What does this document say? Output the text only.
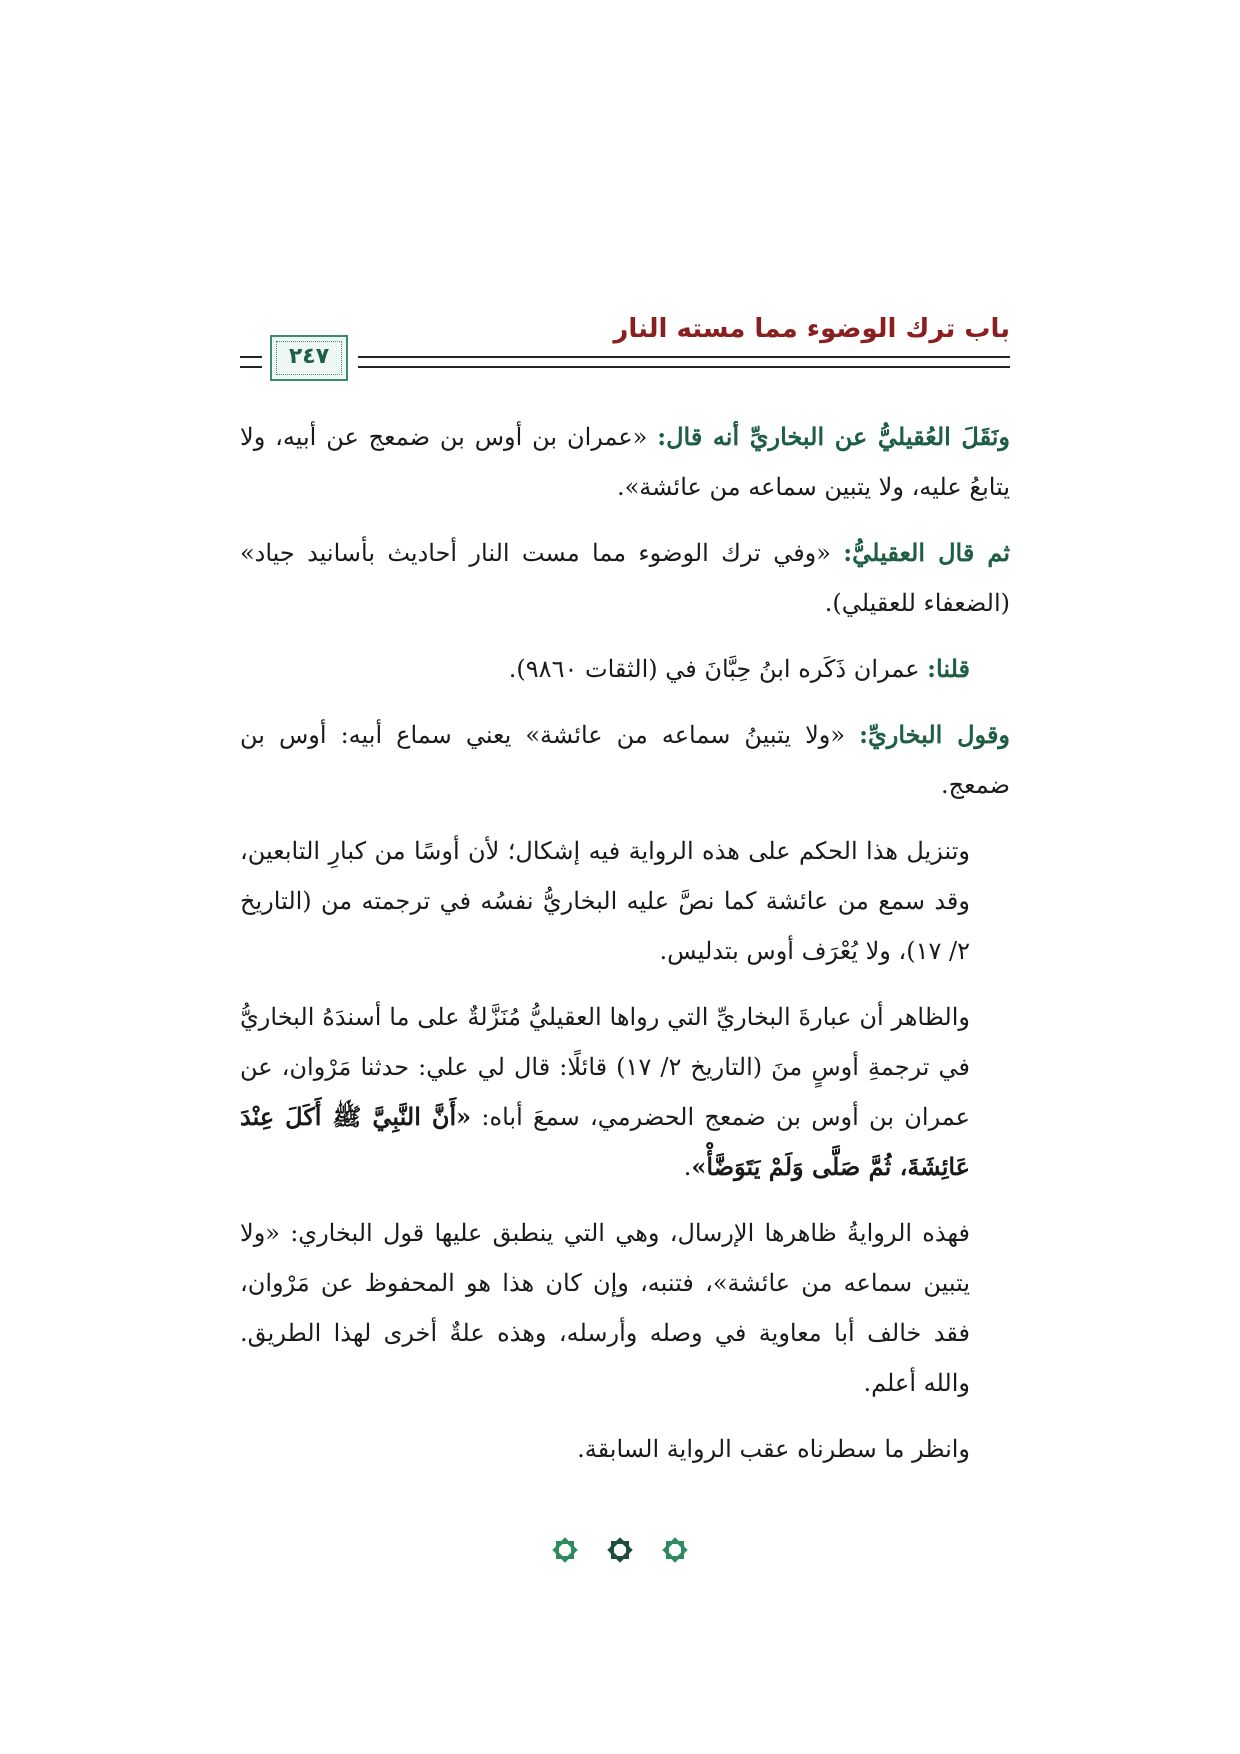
باب ترك الوضوء مما مسته النار
٢٤٧

ونَقَلَ العُقيليُّ عن البخاريِّ أنه قال: «عمران بن أوس بن ضمعج عن أبيه، ولا يتابعُ عليه، ولا يتبين سماعه من عائشة».

ثم قال العقيليُّ: «وفي ترك الوضوء مما مست النار أحاديث بأسانيد جياد» (الضعفاء للعقيلي).

قلنا: عمران ذَكَره ابنُ حِبَّانَ في (الثقات ٩٨٦٠).

وقول البخاريِّ: «ولا يتبينُ سماعه من عائشة» يعني سماع أبيه: أوس بن ضمعج.

وتنزيل هذا الحكم على هذه الرواية فيه إشكال؛ لأن أوسًا من كبارِ التابعين، وقد سمع من عائشة كما نصَّ عليه البخاريُّ نفسُه في ترجمته من (التاريخ ٢/ ١٧)، ولا يُعْرَف أوس بتدليس.

والظاهر أن عبارةَ البخاريِّ التي رواها العقيليُّ مُنَزَّلةٌ على ما أسندَهُ البخاريُّ في ترجمةِ أوسٍ منَ (التاريخ ٢/ ١٧) قائلًا: قال لي علي: حدثنا مَرْوان، عن عمران بن أوس بن ضمعج الحضرمي، سمعَ أباه: «أَنَّ النَّبِيَّ ﷺ أَكَلَ عِنْدَ عَائِشَةَ، ثُمَّ صَلَّى وَلَمْ يَتَوَضَّأْ».

فهذه الروايةُ ظاهرها الإرسال، وهي التي ينطبق عليها قول البخاري: «ولا يتبين سماعه من عائشة»، فتنبه، وإن كان هذا هو المحفوظ عن مَرْوان، فقد خالف أبا معاوية في وصله وأرسله، وهذه علةٌ أخرى لهذا الطريق. والله أعلم.

وانظر ما سطرناه عقب الرواية السابقة.
